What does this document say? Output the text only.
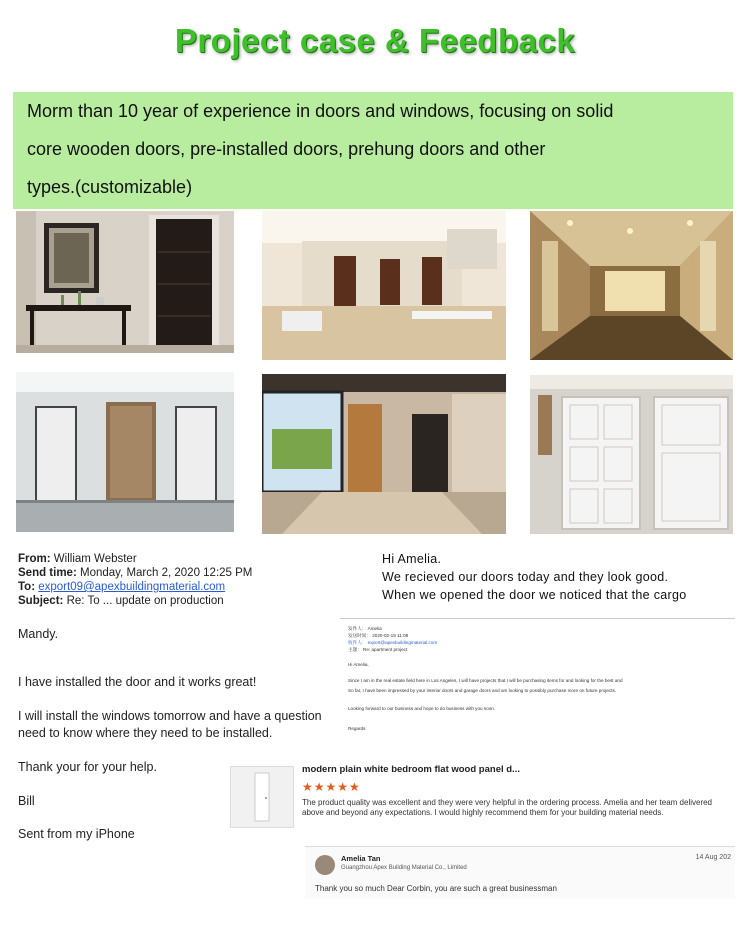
Project case & Feedback

Morm than 10 year of experience in doors and windows, focusing on solid

core wooden doors, pre-installed doors, prehung doors and other

types.(customizable)

From: William Webster
Send time: Monday, March 2, 2020 12:25 PM
To: export09@apexbuildingmaterial.com
Subject: Re: To ... update on production
Hi Amelia.
We recieved our doors today and they look good.
When we opened the door we noticed that the cargo
Mandy.
I have installed the door and it works great!
I will install the windows tomorrow and have a question
need to know where they need to be installed.
Thank your for your help.
Bill
Sent from my iPhone
发件人： Amelia
发送时间： 2020-02-19 11:08
收件人： export@apexbuildingmaterial.com
主题： Re: apartment project
Hi Amelia,
Since I am in the real estate field here in Los Angeles, I will have projects that I will be purchasing items for and looking for the best and
So far, I have been impressed by your interior doors and garage doors and am looking to possibly purchase more on future projects.
Looking forward to our business and hope to do business with you soon.
Regards
modern plain white bedroom flat wood panel d...
★★★★★
The product quality was excellent and they were very helpful in the ordering process. Amelia and her team delivered above and beyond any expectations. I would highly recommend them for your building material needs.
Amelia Tan
Guangzhou Apex Building Material Co., Limited
14 Aug 202
Thank you so much Dear Corbin, you are such a great businessman
